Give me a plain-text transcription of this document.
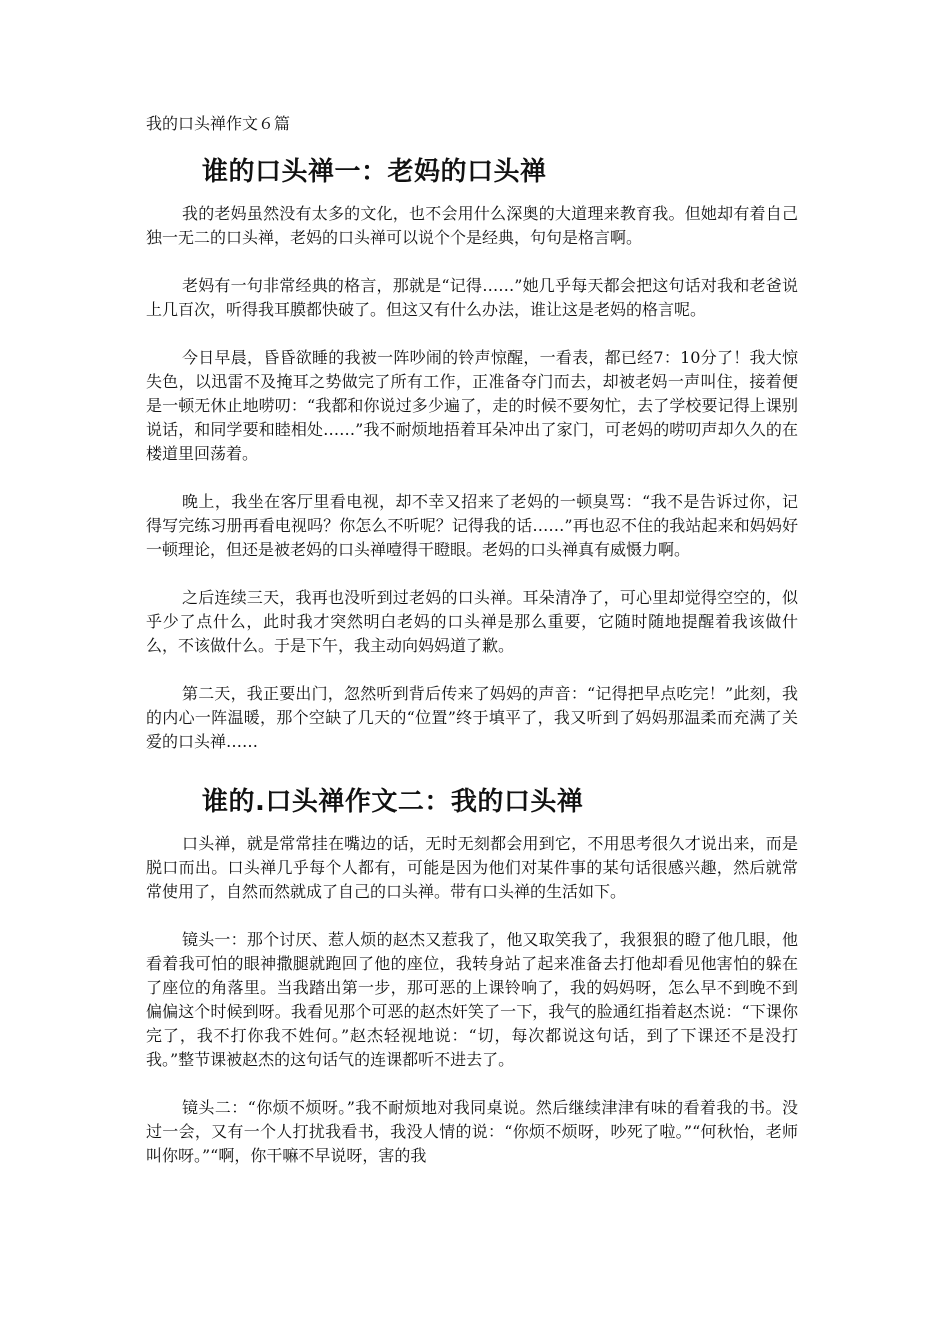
我的口头禅作文６篇
谁的口头禅一：老妈的口头禅

我的老妈虽然没有太多的文化，也不会用什么深奥的大道理来教育我。但她却有着自己独一无二的口头禅，老妈的口头禅可以说个个是经典，句句是格言啊。

老妈有一句非常经典的格言，那就是“记得……”她几乎每天都会把这句话对我和老爸说上几百次，听得我耳膜都快破了。但这又有什么办法，谁让这是老妈的格言呢。

今日早晨，昏昏欲睡的我被一阵吵闹的铃声惊醒，一看表，都已经7：10分了！我大惊失色，以迅雷不及掩耳之势做完了所有工作，正准备夺门而去，却被老妈一声叫住，接着便是一顿无休止地唠叨：“我都和你说过多少遍了，走的时候不要匆忙，去了学校要记得上课别说话，和同学要和睦相处……”我不耐烦地捂着耳朵冲出了家门，可老妈的唠叨声却久久的在楼道里回荡着。

晚上，我坐在客厅里看电视，却不幸又招来了老妈的一顿臭骂：“我不是告诉过你，记得写完练习册再看电视吗？你怎么不听呢？记得我的话……”再也忍不住的我站起来和妈妈好一顿理论，但还是被老妈的口头禅噎得干瞪眼。老妈的口头禅真有威慑力啊。

之后连续三天，我再也没听到过老妈的口头禅。耳朵清净了，可心里却觉得空空的，似乎少了点什么，此时我才突然明白老妈的口头禅是那么重要，它随时随地提醒着我该做什么，不该做什么。于是下午，我主动向妈妈道了歉。

第二天，我正要出门，忽然听到背后传来了妈妈的声音：“记得把早点吃完！”此刻，我的内心一阵温暖，那个空缺了几天的“位置”终于填平了，我又听到了妈妈那温柔而充满了关爱的口头禅……

谁的.口头禅作文二：我的口头禅

口头禅，就是常常挂在嘴边的话，无时无刻都会用到它，不用思考很久才说出来，而是脱口而出。口头禅几乎每个人都有，可能是因为他们对某件事的某句话很感兴趣，然后就常常使用了，自然而然就成了自己的口头禅。带有口头禅的生活如下。

镜头一：那个讨厌、惹人烦的赵杰又惹我了，他又取笑我了，我狠狠的瞪了他几眼，他看着我可怕的眼神撒腿就跑回了他的座位，我转身站了起来准备去打他却看见他害怕的躲在了座位的角落里。当我踏出第一步，那可恶的上课铃响了，我的妈妈呀，怎么早不到晚不到偏偏这个时候到呀。我看见那个可恶的赵杰奸笑了一下，我气的脸通红指着赵杰说：“下课你完了，我不打你我不姓何。”赵杰轻视地说：“切，每次都说这句话，到了下课还不是没打我。”整节课被赵杰的这句话气的连课都听不进去了。

镜头二：“你烦不烦呀。”我不耐烦地对我同桌说。然后继续津津有味的看着我的书。没过一会，又有一个人打扰我看书，我没人情的说：“你烦不烦呀，吵死了啦。”“何秋怡，老师叫你呀。”“啊，你干嘛不早说呀，害的我
